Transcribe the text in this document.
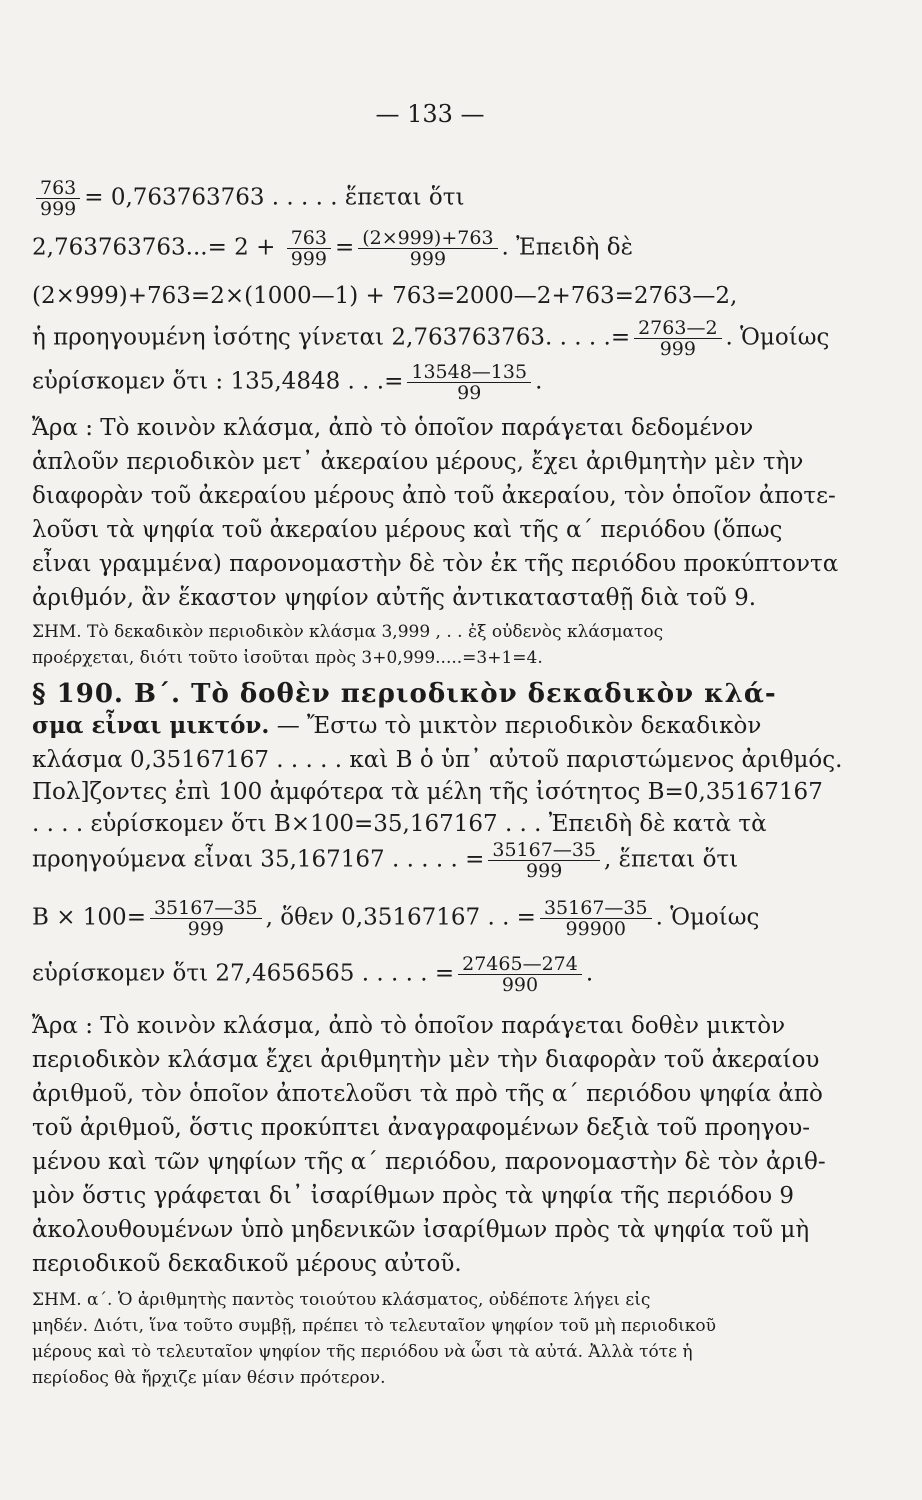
— 133 —
$\frac{763}{999} = 0,763763763$ . . . . . ἕπεται ὅτι
$2,763763763...= 2 + \frac{763}{999} = \frac{(2\times 999)+763}{999}$ . Ἐπειδὴ δὲ
(2×999)+763=2×(1000—1) + 763=2000—2+763=2763—2,
ἡ προηγουμένη ἰσότης γίνεται 2,763763763. . . . .= $\frac{2763—2}{999}$ . Ὁμοίως
εὑρίσκομεν ὅτι : 135,4848 . . .= $\frac{13548—135}{99}$ .
Ἄρα : Τὸ κοινὸν κλάσμα, ἀπὸ τὸ ὁποῖον παράγεται δεδομένον
ἁπλοῦν περιοδικὸν μετ᾽ ἀκεραίου μέρους, ἔχει ἀριθμητὴν μὲν τὴν
διαφορὰν τοῦ ἀκεραίου μέρους ἀπὸ τοῦ ἀκεραίου, τὸν ὁποῖον ἀποτε-
λοῦσι τὰ ψηφία τοῦ ἀκεραίου μέρους καὶ τῆς α΄ περιόδου (ὅπως
εἶναι γραμμένα) παρονομαστὴν δὲ τὸν ἐκ τῆς περιόδου προκύπτοντα
ἀριθμόν, ἂν ἕκαστον ψηφίον αὐτῆς ἀντικατασταθῇ διὰ τοῦ 9.
ΣΗΜ. Τὸ δεκαδικὸν περιοδικὸν κλάσμα 3,999 , . . ἐξ οὐδενὸς κλάσματος
προέρχεται, διότι τοῦτο ἰσοῦται πρὸς 3+0,999.....=3+1=4.
§ 190. Β΄. Τὸ δοθὲν περιοδικὸν δεκαδικὸν κλά-
σμα εἶναι μικτόν. — Ἔστω τὸ μικτὸν περιοδικὸν δεκαδικὸν
κλάσμα 0,35167167 . . . . . καὶ Β ὁ ὑπ᾽ αὐτοῦ παριστώμενος ἀριθμός.
Πολ]ζοντες ἐπὶ 100 ἀμφότερα τὰ μέλη τῆς ἰσότητος Β=0,35167167
. . . . εὑρίσκομεν ὅτι Β×100=35,167167 . . . Ἐπειδὴ δὲ κατὰ τὰ
προηγούμενα εἶναι 35,167167 . . . . . = $\frac{35167—35}{999}$ , ἕπεται ὅτι
$B \times 100= \frac{35167—35}{999}$ , ὅθεν 0,35167167 . . = $\frac{35167—35}{99900}$ . Ὁμοίως
εὑρίσκομεν ὅτι 27,4656565 . . . . . = $\frac{27465—274}{990}$ .
Ἄρα : Τὸ κοινὸν κλάσμα, ἀπὸ τὸ ὁποῖον παράγεται δοθὲν μικτὸν
περιοδικὸν κλάσμα ἔχει ἀριθμητὴν μὲν τὴν διαφορὰν τοῦ ἀκεραίου
ἀριθμοῦ, τὸν ὁποῖον ἀποτελοῦσι τὰ πρὸ τῆς α΄ περιόδου ψηφία ἀπὸ
τοῦ ἀριθμοῦ, ὅστις προκύπτει ἀναγραφομένων δεξιὰ τοῦ προηγου-
μένου καὶ τῶν ψηφίων τῆς α΄ περιόδου, παρονομαστὴν δὲ τὸν ἀριθ-
μὸν ὅστις γράφεται δι᾽ ἰσαρίθμων πρὸς τὰ ψηφία τῆς περιόδου 9
ἀκολουθουμένων ὑπὸ μηδενικῶν ἰσαρίθμων πρὸς τὰ ψηφία τοῦ μὴ
περιοδικοῦ δεκαδικοῦ μέρους αὐτοῦ.
ΣΗΜ. α΄. Ὁ ἀριθμητὴς παντὸς τοιούτου κλάσματος, οὐδέποτε λήγει εἰς
μηδέν. Διότι, ἵνα τοῦτο συμβῇ, πρέπει τὸ τελευταῖον ψηφίον τοῦ μὴ περιοδικοῦ
μέρους καὶ τὸ τελευταῖον ψηφίον τῆς περιόδου νὰ ὦσι τὰ αὐτά. Ἀλλὰ τότε ἡ
περίοδος θὰ ἤρχιζε μίαν θέσιν πρότερον.
